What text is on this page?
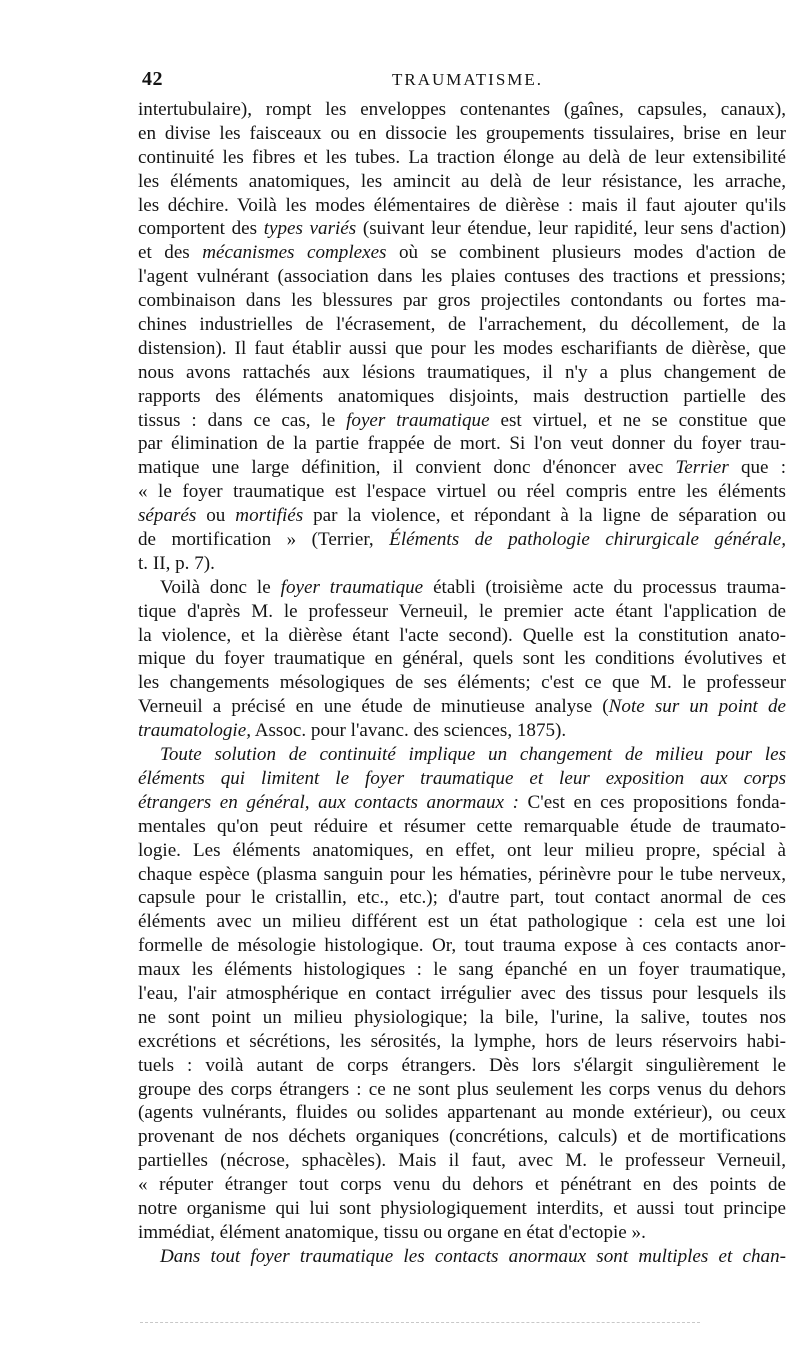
42	TRAUMATISME.
intertubulaire), rompt les enveloppes contenantes (gaînes, capsules, canaux),
en divise les faisceaux ou en dissocie les groupements tissulaires, brise en leur
continuité les fibres et les tubes. La traction élonge au delà de leur extensibilité
les éléments anatomiques, les amincit au delà de leur résistance, les arrache,
les déchire. Voilà les modes élémentaires de dièrèse : mais il faut ajouter qu'ils
comportent des types variés (suivant leur étendue, leur rapidité, leur sens d'action)
et des mécanismes complexes où se combinent plusieurs modes d'action de
l'agent vulnérant (association dans les plaies contuses des tractions et pressions;
combinaison dans les blessures par gros projectiles contondants ou fortes ma-
chines industrielles de l'écrasement, de l'arrachement, du décollement, de la
distension). Il faut établir aussi que pour les modes escharifiants de dièrèse, que
nous avons rattachés aux lésions traumatiques, il n'y a plus changement de
rapports des éléments anatomiques disjoints, mais destruction partielle des
tissus : dans ce cas, le foyer traumatique est virtuel, et ne se constitue que
par élimination de la partie frappée de mort. Si l'on veut donner du foyer trau-
matique une large définition, il convient donc d'énoncer avec Terrier que :
« le foyer traumatique est l'espace virtuel ou réel compris entre les éléments
séparés ou mortifiés par la violence, et répondant à la ligne de séparation ou
de mortification » (Terrier, Éléments de pathologie chirurgicale générale,
t. II, p. 7).
Voilà donc le foyer traumatique établi (troisième acte du processus trauma-
tique d'après M. le professeur Verneuil, le premier acte étant l'application de
la violence, et la dièrèse étant l'acte second). Quelle est la constitution anato-
mique du foyer traumatique en général, quels sont les conditions évolutives et
les changements mésologiques de ses éléments; c'est ce que M. le professeur
Verneuil a précisé en une étude de minutieuse analyse (Note sur un point de
traumatologie, Assoc. pour l'avanc. des sciences, 1875).
Toute solution de continuité implique un changement de milieu pour les
éléments qui limitent le foyer traumatique et leur exposition aux corps
étrangers en général, aux contacts anormaux : C'est en ces propositions fonda-
mentales qu'on peut réduire et résumer cette remarquable étude de traumato-
logie. Les éléments anatomiques, en effet, ont leur milieu propre, spécial à
chaque espèce (plasma sanguin pour les hématies, périnèvre pour le tube nerveux,
capsule pour le cristallin, etc., etc.); d'autre part, tout contact anormal de ces
éléments avec un milieu différent est un état pathologique : cela est une loi
formelle de mésologie histologique. Or, tout trauma expose à ces contacts anor-
maux les éléments histologiques : le sang épanché en un foyer traumatique,
l'eau, l'air atmosphérique en contact irrégulier avec des tissus pour lesquels ils
ne sont point un milieu physiologique; la bile, l'urine, la salive, toutes nos
excrétions et sécrétions, les sérosités, la lymphe, hors de leurs réservoirs habi-
tuels : voilà autant de corps étrangers. Dès lors s'élargit singulièrement le
groupe des corps étrangers : ce ne sont plus seulement les corps venus du dehors
(agents vulnérants, fluides ou solides appartenant au monde extérieur), ou ceux
provenant de nos déchets organiques (concrétions, calculs) et de mortifications
partielles (nécrose, sphacèles). Mais il faut, avec M. le professeur Verneuil,
« réputer étranger tout corps venu du dehors et pénétrant en des points de
notre organisme qui lui sont physiologiquement interdits, et aussi tout principe
immédiat, élément anatomique, tissu ou organe en état d'ectopie ».
Dans tout foyer traumatique les contacts anormaux sont multiples et chan-
